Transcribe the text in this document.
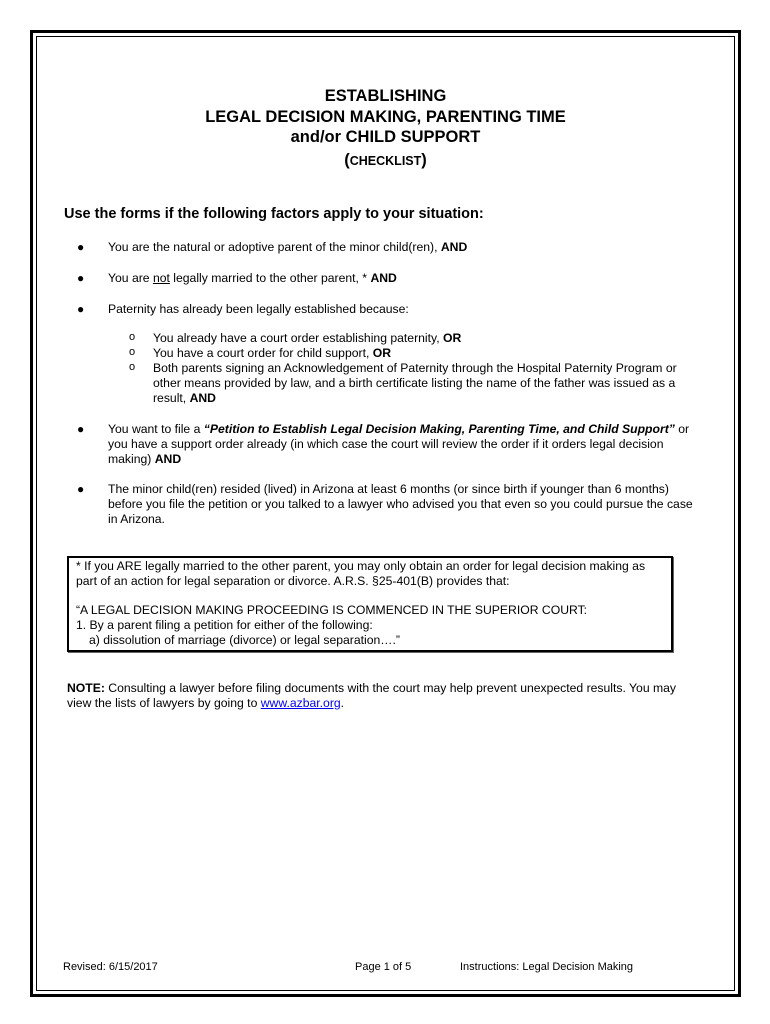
ESTABLISHING
LEGAL DECISION MAKING, PARENTING TIME
and/or CHILD SUPPORT
(CHECKLIST)
Use the forms if the following factors apply to your situation:
● You are the natural or adoptive parent of the minor child(ren), AND
● You are not legally married to the other parent, * AND
● Paternity has already been legally established because:
o You already have a court order establishing paternity, OR
o You have a court order for child support, OR
o Both parents signing an Acknowledgement of Paternity through the Hospital Paternity Program or other means provided by law, and a birth certificate listing the name of the father was issued as a result, AND
● You want to file a “Petition to Establish Legal Decision Making, Parenting Time, and Child Support” or you have a support order already (in which case the court will review the order if it orders legal decision making) AND
● The minor child(ren) resided (lived) in Arizona at least 6 months (or since birth if younger than 6 months) before you file the petition or you talked to a lawyer who advised you that even so you could pursue the case in Arizona.
* If you ARE legally married to the other parent, you may only obtain an order for legal decision making as part of an action for legal separation or divorce. A.R.S. §25-401(B) provides that:
“A LEGAL DECISION MAKING PROCEEDING IS COMMENCED IN THE SUPERIOR COURT:
1. By a parent filing a petition for either of the following:
a) dissolution of marriage (divorce) or legal separation….”
NOTE: Consulting a lawyer before filing documents with the court may help prevent unexpected results. You may view the lists of lawyers by going to www.azbar.org.
Revised: 6/15/2017	Page 1 of 5	Instructions: Legal Decision Making
